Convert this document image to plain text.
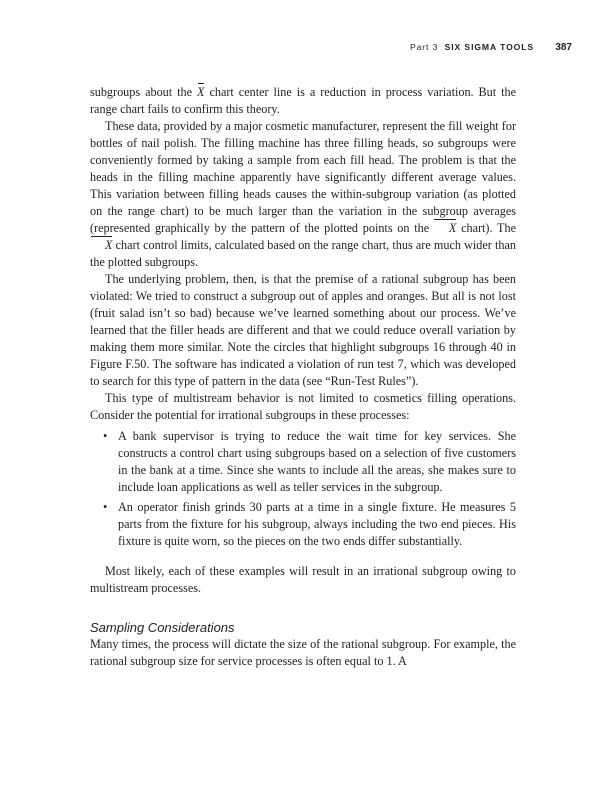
Part 3 SIX SIGMA TOOLS 387

subgroups about the X chart center line is a reduction in process variation. But the range chart fails to confirm this theory.

These data, provided by a major cosmetic manufacturer, represent the fill weight for bottles of nail polish. The filling machine has three filling heads, so subgroups were conveniently formed by taking a sample from each fill head. The problem is that the heads in the filling machine apparently have significantly different average values. This variation between filling heads causes the within-subgroup variation (as plotted on the range chart) to be much larger than the variation in the subgroup averages (represented graphically by the pattern of the plotted points on the X chart). The X chart control limits, calculated based on the range chart, thus are much wider than the plotted subgroups.

The underlying problem, then, is that the premise of a rational subgroup has been violated: We tried to construct a subgroup out of apples and oranges. But all is not lost (fruit salad isn’t so bad) because we’ve learned something about our process. We’ve learned that the filler heads are different and that we could reduce overall variation by making them more similar. Note the circles that highlight subgroups 16 through 40 in Figure F.50. The software has indicated a violation of run test 7, which was developed to search for this type of pattern in the data (see “Run-Test Rules”).

This type of multistream behavior is not limited to cosmetics filling operations. Consider the potential for irrational subgroups in these processes:

• A bank supervisor is trying to reduce the wait time for key services. She constructs a control chart using subgroups based on a selection of five customers in the bank at a time. Since she wants to include all the areas, she makes sure to include loan applications as well as teller services in the subgroup.
• An operator finish grinds 30 parts at a time in a single fixture. He measures 5 parts from the fixture for his subgroup, always including the two end pieces. His fixture is quite worn, so the pieces on the two ends differ substantially.

Most likely, each of these examples will result in an irrational subgroup owing to multistream processes.

Sampling Considerations

Many times, the process will dictate the size of the rational subgroup. For example, the rational subgroup size for service processes is often equal to 1. A
